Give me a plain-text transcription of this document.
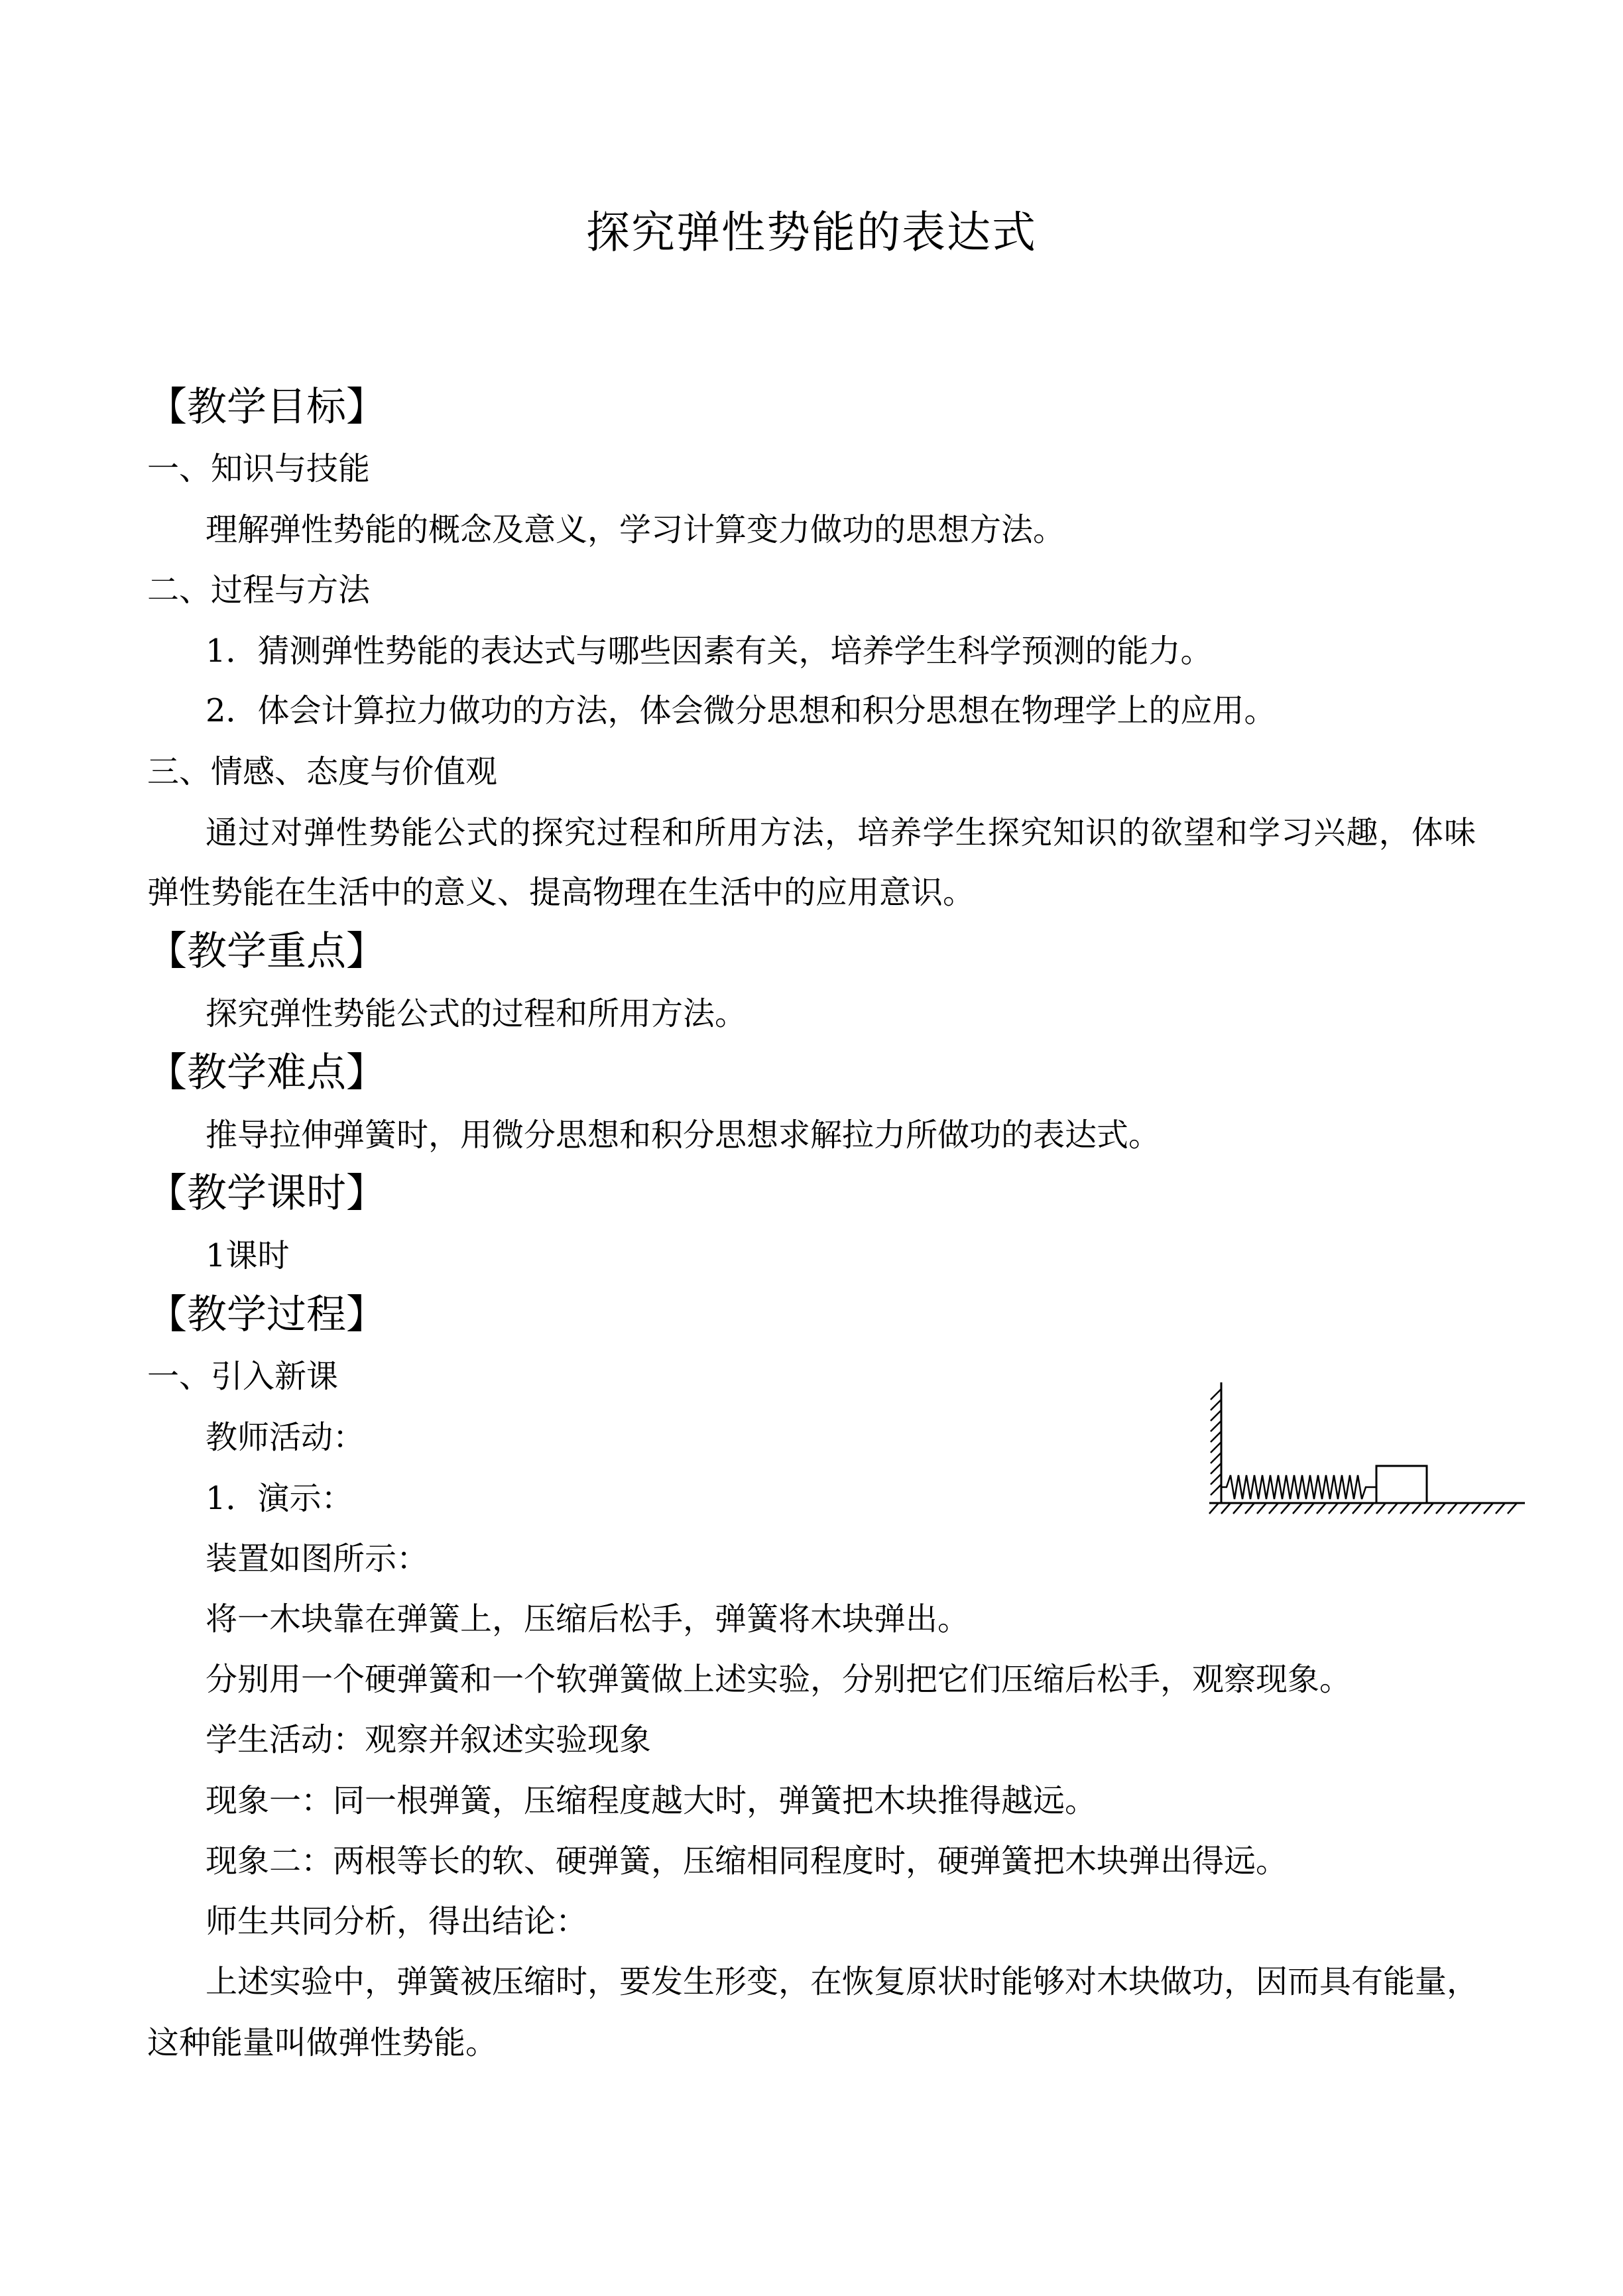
探究弹性势能的表达式
【教学目标】
一、知识与技能
理解弹性势能的概念及意义，学习计算变力做功的思想方法。
二、过程与方法
1．猜测弹性势能的表达式与哪些因素有关，培养学生科学预测的能力。
2．体会计算拉力做功的方法，体会微分思想和积分思想在物理学上的应用。
三、情感、态度与价值观
通过对弹性势能公式的探究过程和所用方法，培养学生探究知识的欲望和学习兴趣，体味
弹性势能在生活中的意义、提高物理在生活中的应用意识。
【教学重点】
探究弹性势能公式的过程和所用方法。
【教学难点】
推导拉伸弹簧时，用微分思想和积分思想求解拉力所做功的表达式。
【教学课时】
1课时
【教学过程】
一、引入新课
教师活动：
1．演示：
装置如图所示：
将一木块靠在弹簧上，压缩后松手，弹簧将木块弹出。
分别用一个硬弹簧和一个软弹簧做上述实验，分别把它们压缩后松手，观察现象。
学生活动：观察并叙述实验现象
现象一：同一根弹簧，压缩程度越大时，弹簧把木块推得越远。
现象二：两根等长的软、硬弹簧，压缩相同程度时，硬弹簧把木块弹出得远。
师生共同分析，得出结论：
上述实验中，弹簧被压缩时，要发生形变，在恢复原状时能够对木块做功，因而具有能量，
这种能量叫做弹性势能。
